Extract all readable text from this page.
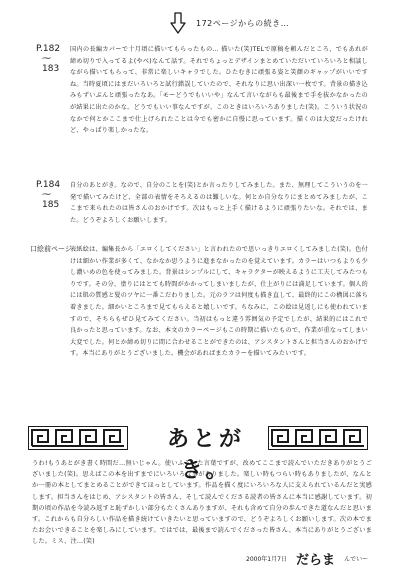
172ページからの続き…
P.182
⁓
183
国内の長編カバーで十月頃に描いてもらったもの… 描いた(笑)TELで原稿を頼んだところ、でもあれが締め切りで入ってるよ(やべ)なんて話す。それでちょっとデザインまとめていただいていろいろと相談しながら描いてもらって、非常に楽しいキャラでした。ひたむきに頑張る姿と笑顔のギャップがいいですね。当時夏頃にはまだいろいろと試行錯誤していたので、それなりに思い出深い一枚です。背景の描き込みもずいぶんと頑張ったなあ。「モーどうでもいいや」なんて言いながらも最後まで手を抜かなかったのが結果に出たのかな。どうでもいい事なんですが、このときはいろいろありました(笑)。こういう状況のなかで何とかここまで仕上げられたことは今でも密かに自慢に思っています。描くのは大変だったけれど、やっぱり楽しかったな。
P.184
⁓
185
自分のあとがき。なので、自分のことを(笑)とか言ったりしてみました。また、無理してこういうのを一発で描いてみたけど、全部の表情をそろえるのは難しいな。何とか自分なりにまとめてみましたが、ここまで来られたのは皆さんのおかげです。次はもっと上手く描けるように頑張りたいな。それでは、また。どうぞよろしくお願いします。
口絵前ページ
表紙絵は、編集長から「エロくしてください」と言われたので思いっきりエロくしてみました(笑)。色付けは細かい作業が多くて、なかなか思うように進まなかったのを覚えています。カラーはいつもよりも少し濃いめの色を使ってみました。背景はシンプルにして、キャラクターが映えるように工夫してみたつもりです。その分、塗りにはとても時間がかかってしまいましたが、仕上がりには満足しています。個人的には肌の質感と髪のツヤに一番こだわりました。元のラフは何度も描き直して、最終的にこの構図に落ち着きました。細かいところまで見てもらえると嬉しいです。ちなみに、この絵は見返しにも使われていますので、そちらもぜひ見てみてください。当初はもっと違う雰囲気の予定でしたが、結果的にはこれで良かったと思っています。なお、本文のカラーページもこの時期に描いたもので、作業が重なってしまい大変でした。何とか締め切りに間に合わせることができたのは、アシスタントさんと担当さんのおかげです。本当にありがとうございました。機会があればまたカラーを描いてみたいです。
あとがき。
うわ!もうあとがき書く時間だ…無いじゃん。使いふるした言葉ですが、改めてここまで読んでいただきありがとうございました(笑)。思えばこの本を出すまでにいろいろな事がありました。楽しい時もつらい時もありましたが、なんとか一冊の本としてまとめることができてほっとしています。作品を描く度にいろいろな人に支えられているんだと実感します。担当さんをはじめ、アシスタントの皆さん、そして読んでくださる読者の皆さんに本当に感謝しています。初期の頃の作品を今読み返すと恥ずかしい部分もたくさんありますが、それも含めて自分の歩んできた道なんだと思います。これからも自分らしい作品を描き続けていきたいと思っていますので、どうぞよろしくお願いします。次の本でまたお会いできることを楽しみにしています。ではでは、最後まで読んでくださった皆さん、本当にありがとうございました。ミス、注…(笑)
2000年1月7日 だらま んでいー
